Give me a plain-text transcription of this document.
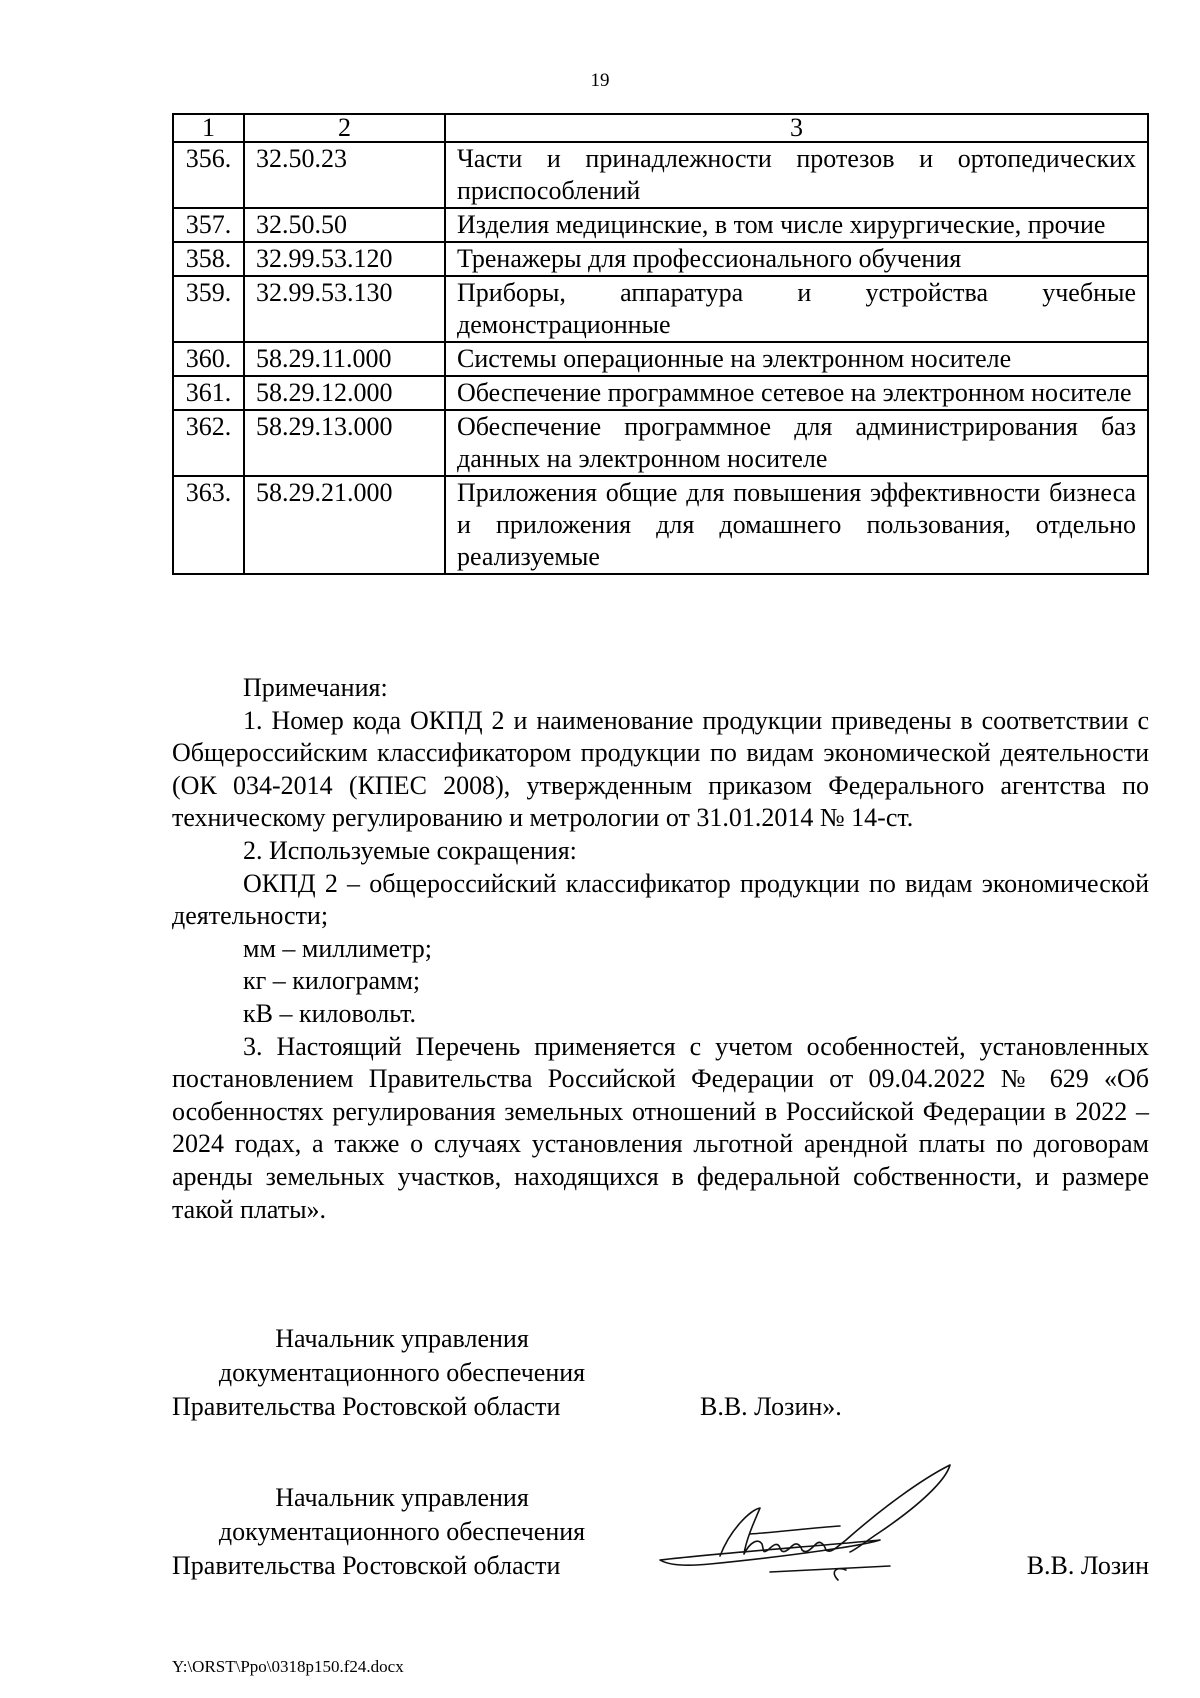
19
1	2	3
356.	32.50.23	Части и принадлежности протезов и ортопедических приспособлений
357.	32.50.50	Изделия медицинские, в том числе хирургические, прочие
358.	32.99.53.120	Тренажеры для профессионального обучения
359.	32.99.53.130	Приборы, аппаратура и устройства учебные демонстрационные
360.	58.29.11.000	Системы операционные на электронном носителе
361.	58.29.12.000	Обеспечение программное сетевое на электронном носителе
362.	58.29.13.000	Обеспечение программное для администрирования баз данных на электронном носителе
363.	58.29.21.000	Приложения общие для повышения эффективности бизнеса и приложения для домашнего пользования, отдельно реализуемые

Примечания:

1. Номер кода ОКПД 2 и наименование продукции приведены в соответствии с Общероссийским классификатором продукции по видам экономической деятельности (ОК 034-2014 (КПЕС 2008), утвержденным приказом Федерального агентства по техническому регулированию и метрологии от 31.01.2014 № 14-ст.

2. Используемые сокращения:

ОКПД 2 – общероссийский классификатор продукции по видам экономической деятельности;

мм – миллиметр;

кг – килограмм;

кВ – киловольт.

3. Настоящий Перечень применяется с учетом особенностей, установленных постановлением Правительства Российской Федерации от 09.04.2022 № 629 «Об особенностях регулирования земельных отношений в Российской Федерации в 2022 – 2024 годах, а также о случаях установления льготной арендной платы по договорам аренды земельных участков, находящихся в федеральной собственности, и размере такой платы».

Начальник управления
документационного обеспечения
Правительства Ростовской области	В.В. Лозин».
Начальник управления
документационного обеспечения
Правительства Ростовской области	В.В. Лозин
Y:\ORST\Ppo\0318p150.f24.docx
